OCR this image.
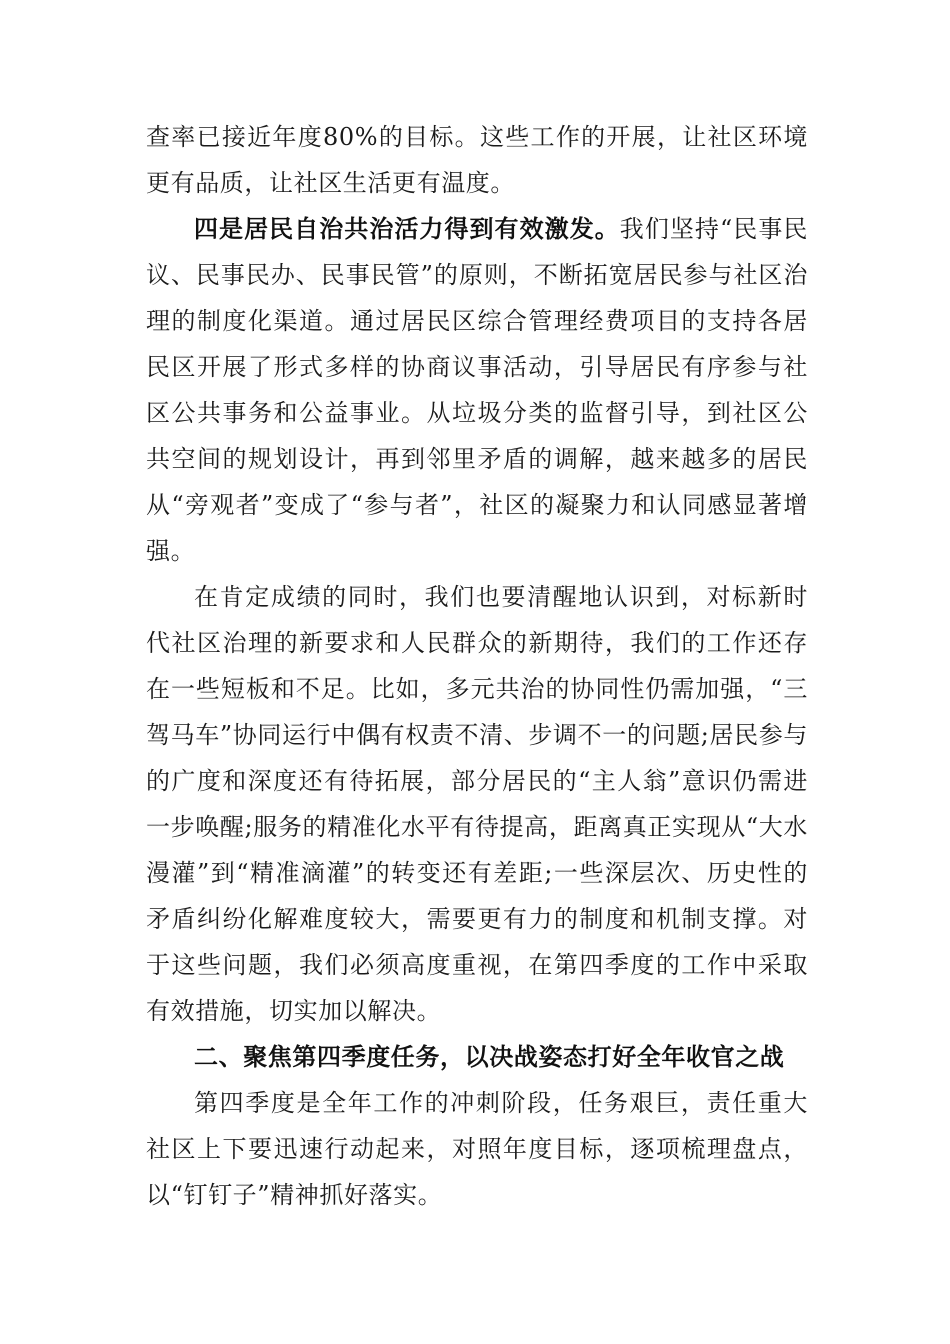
查率已接近年度80%的目标。这些工作的开展，让社区环境更有品质，让社区生活更有温度。

四是居民自治共治活力得到有效激发。我们坚持“民事民议、民事民办、民事民管”的原则，不断拓宽居民参与社区治理的制度化渠道。通过居民区综合管理经费项目的支持各居民区开展了形式多样的协商议事活动，引导居民有序参与社区公共事务和公益事业。从垃圾分类的监督引导，到社区公共空间的规划设计，再到邻里矛盾的调解，越来越多的居民从“旁观者”变成了“参与者”，社区的凝聚力和认同感显著增强。

在肯定成绩的同时，我们也要清醒地认识到，对标新时代社区治理的新要求和人民群众的新期待，我们的工作还存在一些短板和不足。比如，多元共治的协同性仍需加强，“三驾马车”协同运行中偶有权责不清、步调不一的问题;居民参与的广度和深度还有待拓展，部分居民的“主人翁”意识仍需进一步唤醒;服务的精准化水平有待提高，距离真正实现从“大水漫灌”到“精准滴灌”的转变还有差距;一些深层次、历史性的矛盾纠纷化解难度较大，需要更有力的制度和机制支撑。对于这些问题，我们必须高度重视，在第四季度的工作中采取有效措施，切实加以解决。

二、聚焦第四季度任务，以决战姿态打好全年收官之战

第四季度是全年工作的冲刺阶段，任务艰巨，责任重大社区上下要迅速行动起来，对照年度目标，逐项梳理盘点，以“钉钉子”精神抓好落实。
